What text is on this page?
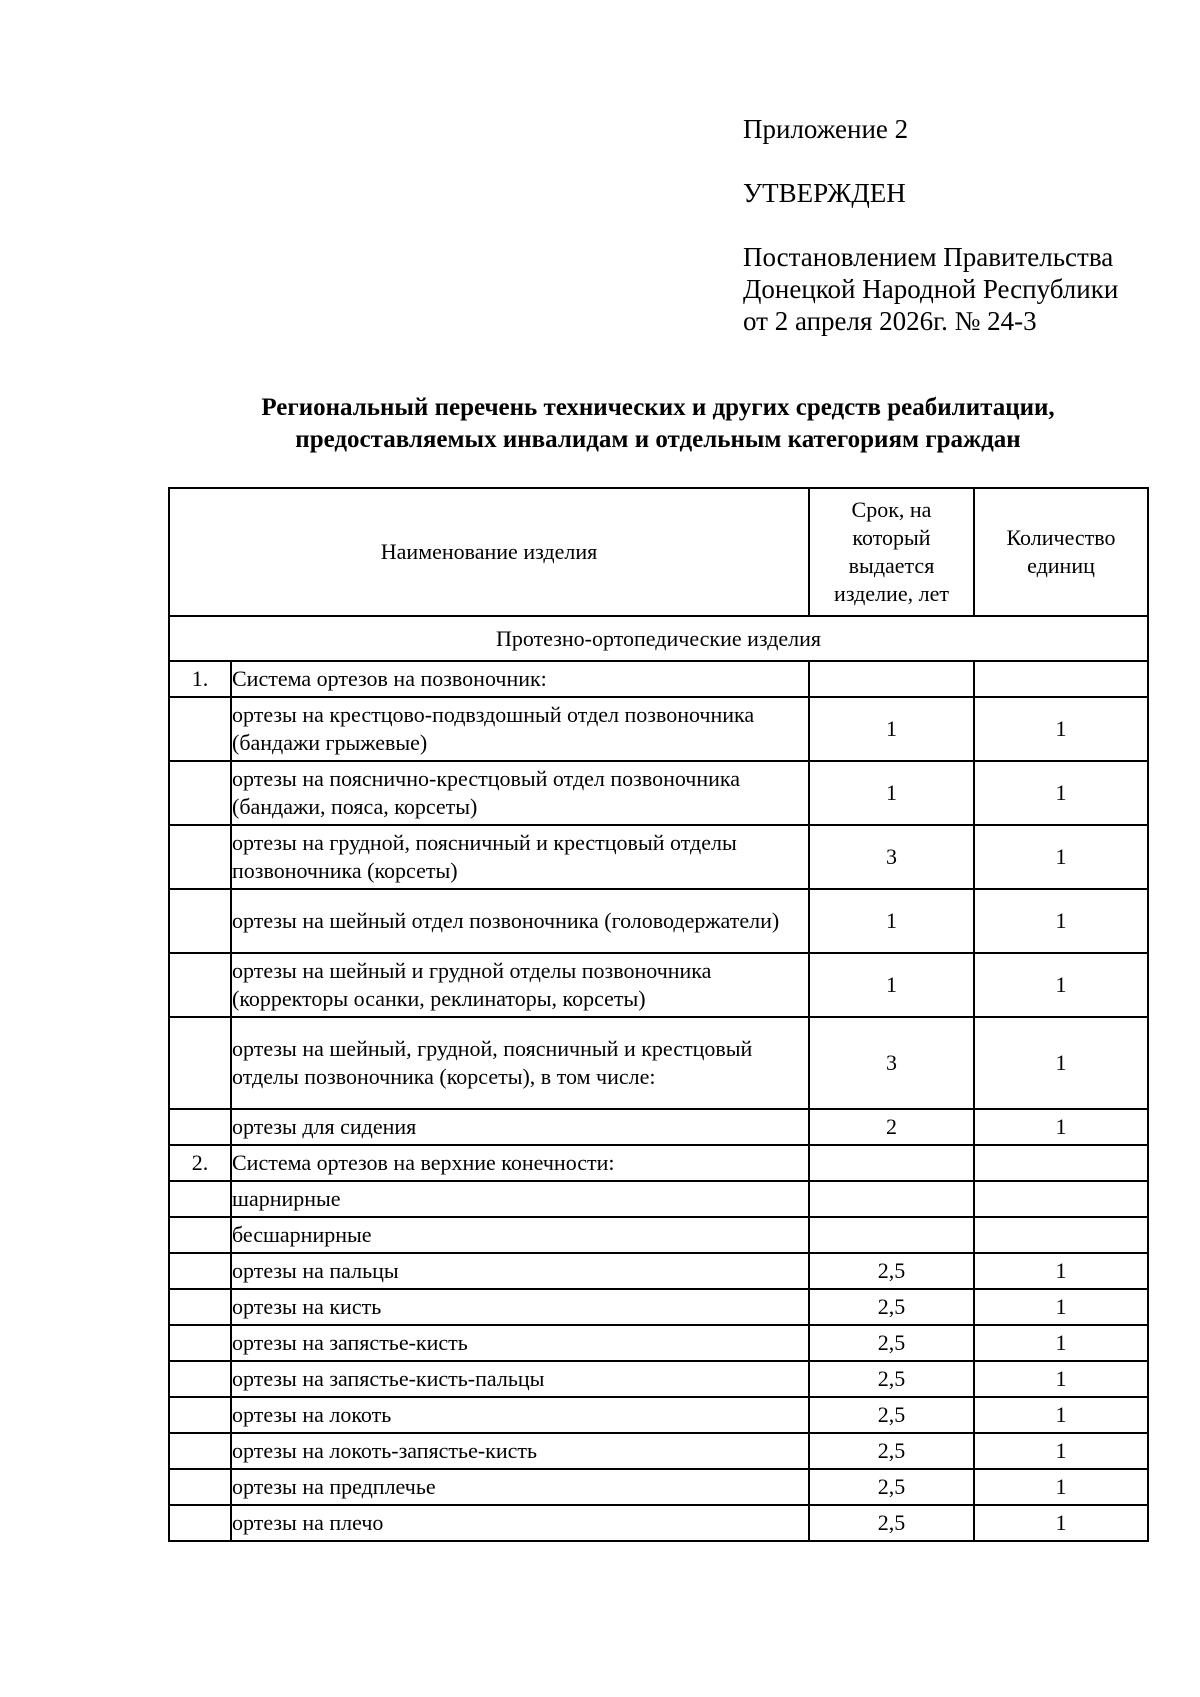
Приложение 2
УТВЕРЖДЕН
Постановлением Правительства
Донецкой Народной Республики
от 2 апреля 2026г. № 24-3
Региональный перечень технических и других средств реабилитации,
предоставляемых инвалидам и отдельным категориям граждан
Наименование изделия		Срок, на который выдается изделие, лет	Количество единиц
Протезно-ортопедические изделия			
1.	Система ортезов на позвоночник:		
	ортезы на крестцово-подвздошный отдел позвоночника (бандажи грыжевые)	1	1
	ортезы на пояснично-крестцовый отдел позвоночника (бандажи, пояса, корсеты)	1	1
	ортезы на грудной, поясничный и крестцовый отделы позвоночника (корсеты)	3	1
	ортезы на шейный отдел позвоночника (головодержатели)	1	1
	ортезы на шейный и грудной отделы позвоночника (корректоры осанки, реклинаторы, корсеты)	1	1
	ортезы на шейный, грудной, поясничный и крестцовый отделы позвоночника (корсеты), в том числе:	3	1
	ортезы для сидения	2	1
2.	Система ортезов на верхние конечности:		
	шарнирные		
	бесшарнирные		
	ортезы на пальцы	2,5	1
	ортезы на кисть	2,5	1
	ортезы на запястье-кисть	2,5	1
	ортезы на запястье-кисть-пальцы	2,5	1
	ортезы на локоть	2,5	1
	ортезы на локоть-запястье-кисть	2,5	1
	ортезы на предплечье	2,5	1
	ортезы на плечо	2,5	1
